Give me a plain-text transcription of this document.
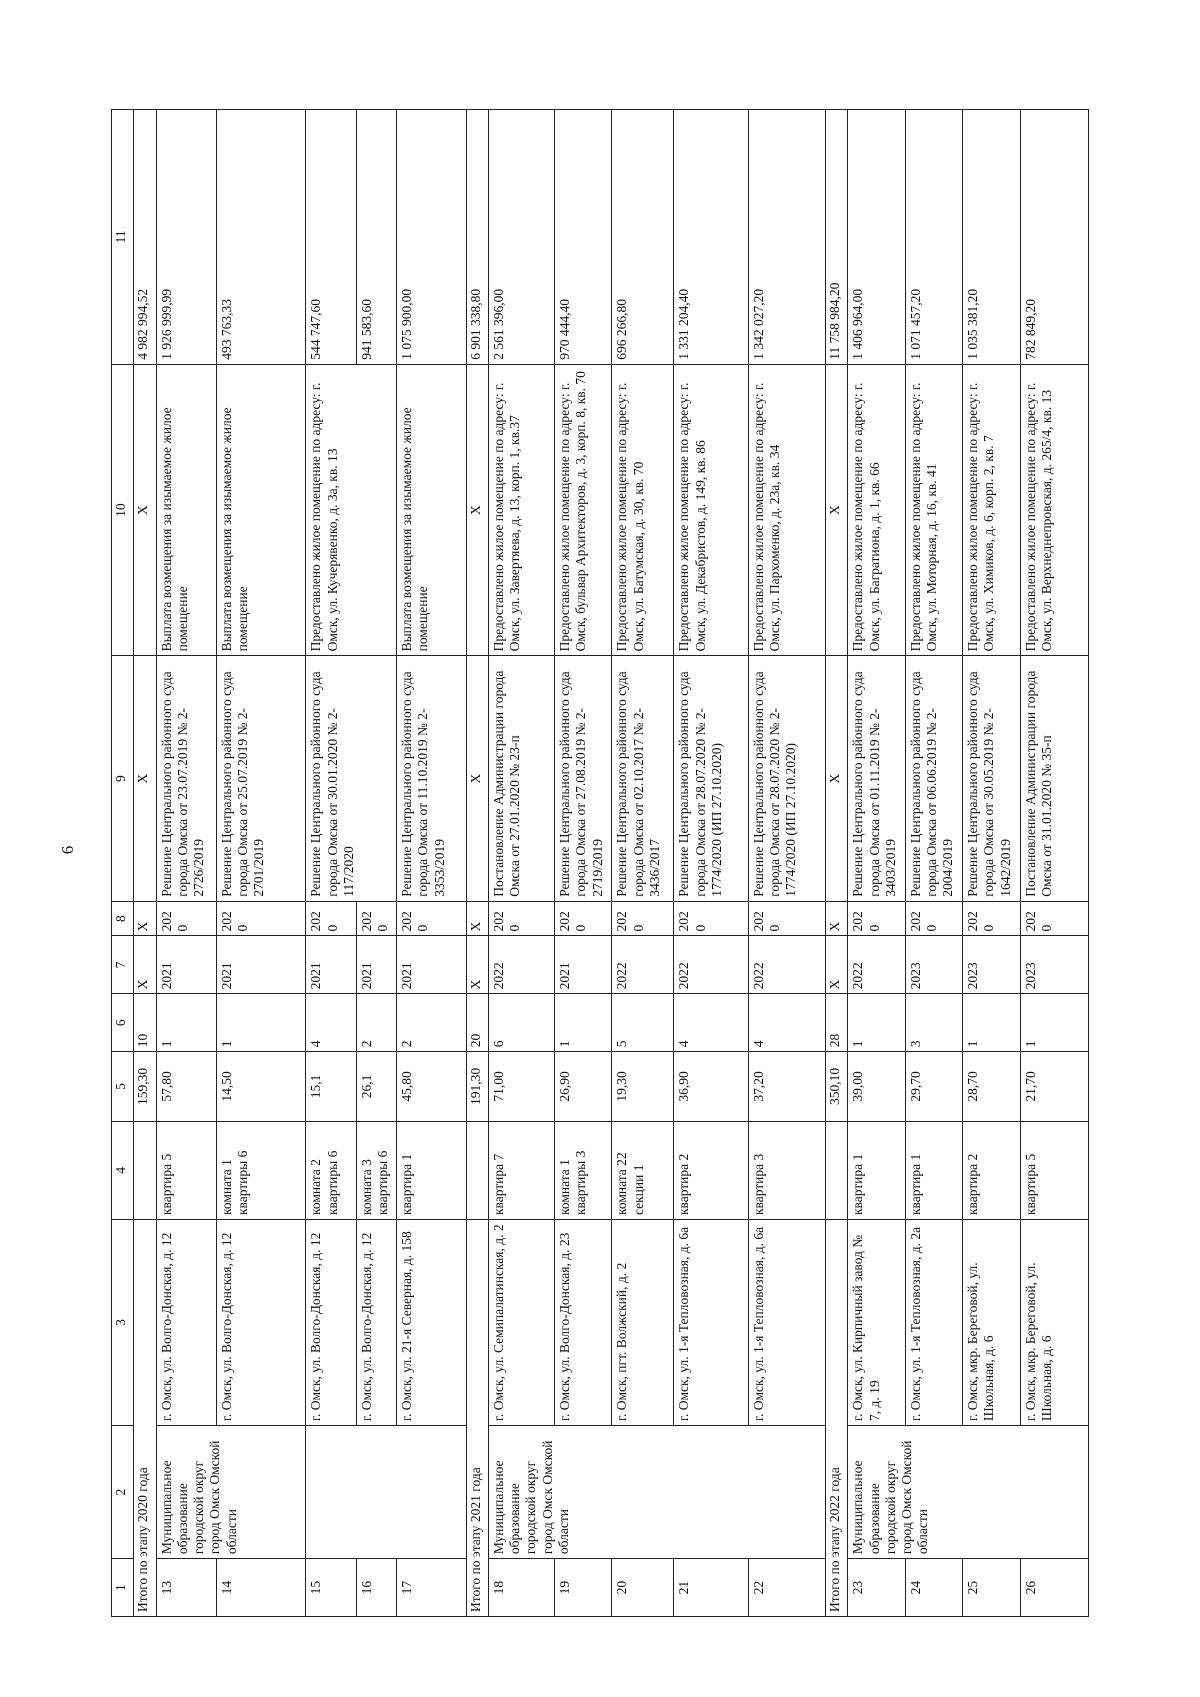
6
1	2	3	4	5	6	7	8	9	10	11
Итого по этапу 2020 года				159,30	10	X	X	X	X	4 982 994,52
13	Муниципальное образование городской округ город Омск Омской области	г. Омск, ул. Волго-Донская, д. 12	квартира 5	57,80	1	2021	2020	Решение Центрального районного суда города Омска от 23.07.2019 № 2-2726/2019	Выплата возмещения за изымаемое жилое помещение	1 926 999,99
14		г. Омск, ул. Волго-Донская, д. 12	комната 1 квартиры 6	14,50	1	2021	2020	Решение Центрального районного суда города Омска от 25.07.2019 № 2-2701/2019	Выплата возмещения за изымаемое жилое помещение	493 763,33
15		г. Омск, ул. Волго-Донская, д. 12	комната 2 квартиры 6	15,1	4	2021	2020	Решение Центрального районного суда города Омска от 30.01.2020 № 2-117/2020	Предоставлено жилое помещение по адресу: г. Омск, ул. Кучерявенко, д. 3а, кв. 13	544 747,60
16		г. Омск, ул. Волго-Донская, д. 12	комната 3 квартиры 6	26,1	2	2021	2020			941 583,60
17		г. Омск, ул. 21-я Северная, д. 158	квартира 1	45,80	2	2021	2020	Решение Центрального районного суда города Омска от 11.10.2019 № 2-3353/2019	Выплата возмещения за изымаемое жилое помещение	1 075 900,00
Итого по этапу 2021 года				191,30	20	X	X	X	X	6 901 338,80
18	Муниципальное образование городской округ город Омск Омской области	г. Омск, ул. Семипалатинская, д. 2	квартира 7	71,00	6	2022	2020	Постановление Администрации города Омска от 27.01.2020 № 23-п	Предоставлено жилое помещение по адресу: г. Омск, ул. Завертяева, д. 13, корп. 1, кв.37	2 561 396,00
19		г. Омск, ул. Волго-Донская, д. 23	комната 1 квартиры 3	26,90	1	2021	2020	Решение Центрального районного суда города Омска от 27.08.2019 № 2-2719/2019	Предоставлено жилое помещение по адресу: г. Омск, бульвар Архитекторов, д. 3, корп. 8, кв. 70	970 444,40
20		г. Омск, пгт. Волжский, д. 2	комната 22 секции 1	19,30	5	2022	2020	Решение Центрального районного суда города Омска от 02.10.2017 № 2-3436/2017	Предоставлено жилое помещение по адресу: г. Омск, ул. Батумская, д. 30, кв. 70	696 266,80
21		г. Омск, ул. 1-я Тепловозная, д. 6а	квартира 2	36,90	4	2022	2020	Решение Центрального районного суда города Омска от 28.07.2020 № 2-1774/2020 (ИП 27.10.2020)	Предоставлено жилое помещение по адресу: г. Омск, ул. Декабристов, д. 149, кв. 86	1 331 204,40
22		г. Омск, ул. 1-я Тепловозная, д. 6а	квартира 3	37,20	4	2022	2020	Решение Центрального районного суда города Омска от 28.07.2020 № 2-1774/2020 (ИП 27.10.2020)	Предоставлено жилое помещение по адресу: г. Омск, ул. Пархоменко, д. 23а, кв. 34	1 342 027,20
Итого по этапу 2022 года				350,10	28	X	X	X	X	11 758 984,20
23	Муниципальное образование городской округ город Омск Омской области	г. Омск, ул. Кирпичный завод № 7, д. 19	квартира 1	39,00	1	2022	2020	Решение Центрального районного суда города Омска от 01.11.2019 № 2-3403/2019	Предоставлено жилое помещение по адресу: г. Омск, ул. Багратиона, д. 1, кв. 66	1 406 964,00
24		г. Омск, ул. 1-я Тепловозная, д. 2а	квартира 1	29,70	3	2023	2020	Решение Центрального районного суда города Омска от 06.06.2019 № 2-2004/2019	Предоставлено жилое помещение по адресу: г. Омск, ул. Моторная, д. 16, кв. 41	1 071 457,20
25		г. Омск, мкр. Береговой, ул. Школьная, д. 6	квартира 2	28,70	1	2023	2020	Решение Центрального районного суда города Омска от 30.05.2019 № 2-1642/2019	Предоставлено жилое помещение по адресу: г. Омск, ул. Химиков, д. 6, корп. 2, кв. 7	1 035 381,20
26		г. Омск, мкр. Береговой, ул. Школьная, д. 6	квартира 5	21,70	1	2023	2020	Постановление Администрации города Омска от 31.01.2020 № 35-п	Предоставлено жилое помещение по адресу: г. Омск, ул. Верхнеднепровская, д. 265/4, кв. 13	782 849,20
